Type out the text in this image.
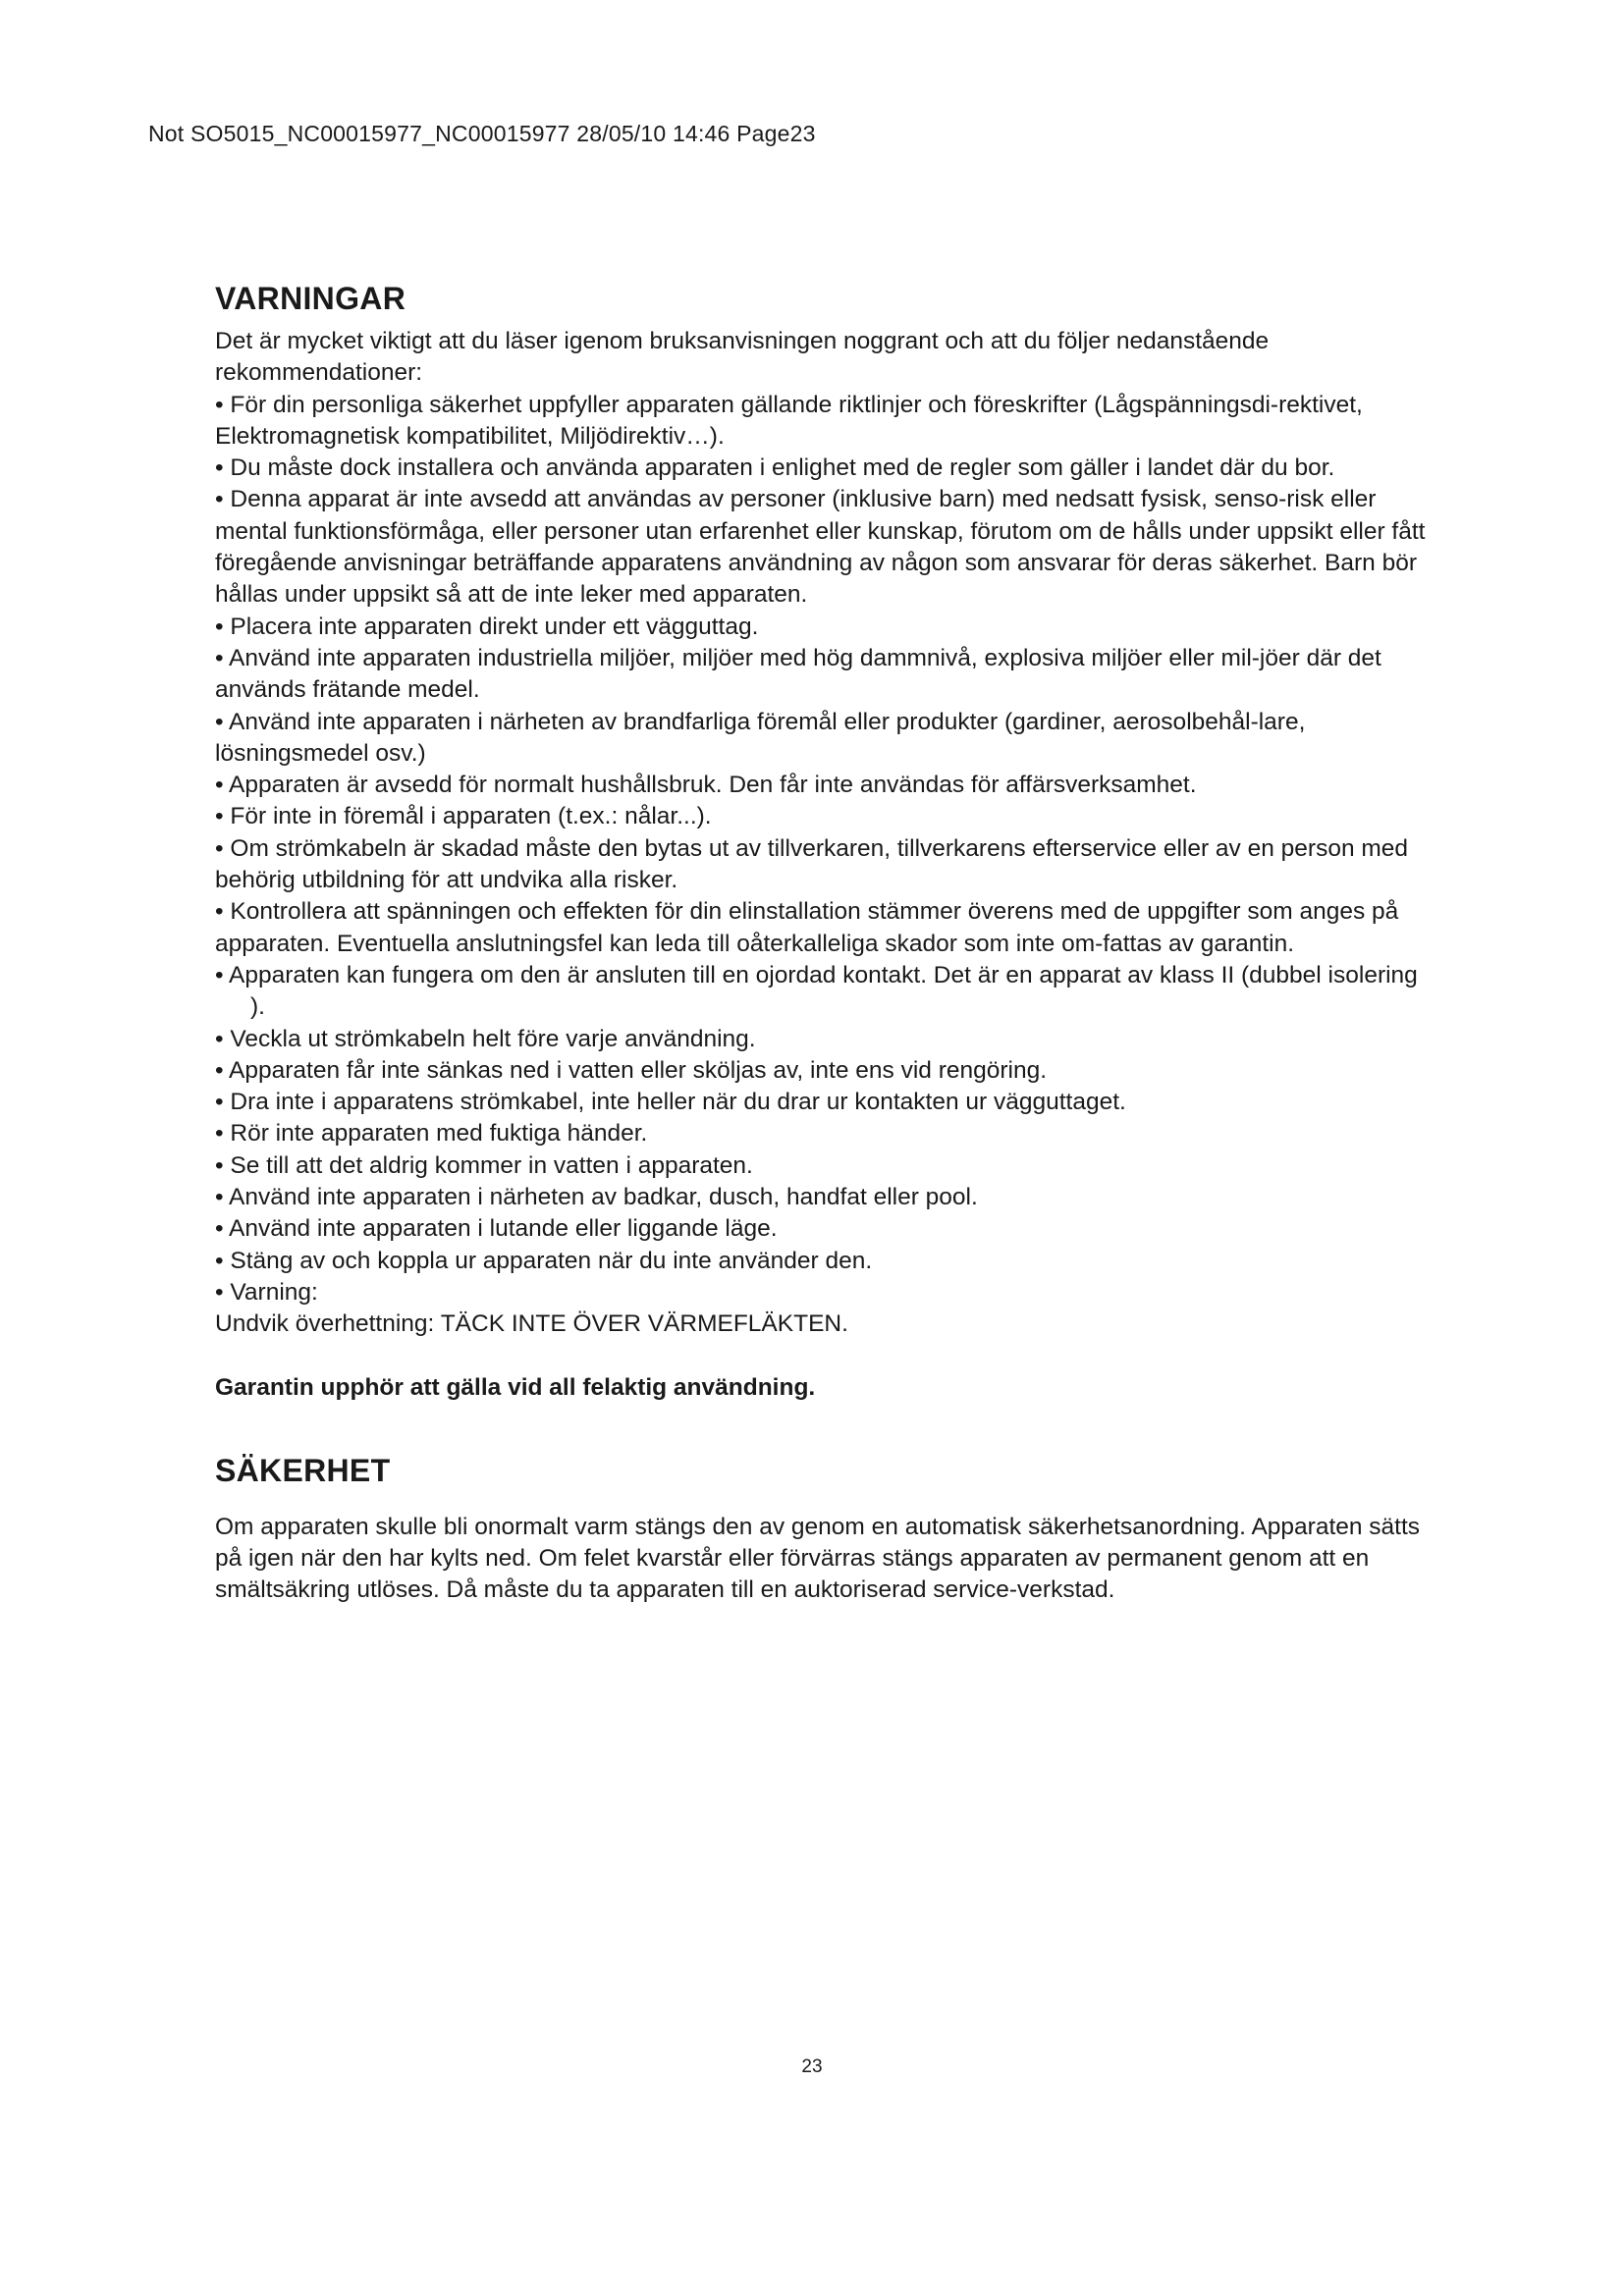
Not SO5015_NC00015977_NC00015977 28/05/10 14:46 Page23
VARNINGAR

Det är mycket viktigt att du läser igenom bruksanvisningen noggrant och att du följer nedanstående rekommendationer:

• För din personliga säkerhet uppfyller apparaten gällande riktlinjer och föreskrifter (Lågspänningsdi-rektivet, Elektromagnetisk kompatibilitet, Miljödirektiv…).
• Du måste dock installera och använda apparaten i enlighet med de regler som gäller i landet där du bor.
• Denna apparat är inte avsedd att användas av personer (inklusive barn) med nedsatt fysisk, senso-risk eller mental funktionsförmåga, eller personer utan erfarenhet eller kunskap, förutom om de hålls under uppsikt eller fått föregående anvisningar beträffande apparatens användning av någon som ansvarar för deras säkerhet. Barn bör hållas under uppsikt så att de inte leker med apparaten.
• Placera inte apparaten direkt under ett vägguttag.
• Använd inte apparaten industriella miljöer, miljöer med hög dammnivå, explosiva miljöer eller mil-jöer där det används frätande medel.
• Använd inte apparaten i närheten av brandfarliga föremål eller produkter (gardiner, aerosolbehål-lare, lösningsmedel osv.)
• Apparaten är avsedd för normalt hushållsbruk. Den får inte användas för affärsverksamhet.
• För inte in föremål i apparaten (t.ex.: nålar...).
• Om strömkabeln är skadad måste den bytas ut av tillverkaren, tillverkarens efterservice eller av en person med behörig utbildning för att undvika alla risker.
• Kontrollera att spänningen och effekten för din elinstallation stämmer överens med de uppgifter som anges på apparaten. Eventuella anslutningsfel kan leda till oåterkalleliga skador som inte om-fattas av garantin.
• Apparaten kan fungera om den är ansluten till en ojordad kontakt. Det är en apparat av klass II (dubbel isolering ).
• Veckla ut strömkabeln helt före varje användning.
• Apparaten får inte sänkas ned i vatten eller sköljas av, inte ens vid rengöring.
• Dra inte i apparatens strömkabel, inte heller när du drar ur kontakten ur vägguttaget.
• Rör inte apparaten med fuktiga händer.
• Se till att det aldrig kommer in vatten i apparaten.
• Använd inte apparaten i närheten av badkar, dusch, handfat eller pool.
• Använd inte apparaten i lutande eller liggande läge.
• Stäng av och koppla ur apparaten när du inte använder den.
• Varning:

Undvik överhettning: TÄCK INTE ÖVER VÄRMEFLÄKTEN.

Garantin upphör att gälla vid all felaktig användning.

SÄKERHET

Om apparaten skulle bli onormalt varm stängs den av genom en automatisk säkerhetsanordning. Apparaten sätts på igen när den har kylts ned. Om felet kvarstår eller förvärras stängs apparaten av permanent genom att en smältsäkring utlöses. Då måste du ta apparaten till en auktoriserad service-verkstad.

23
